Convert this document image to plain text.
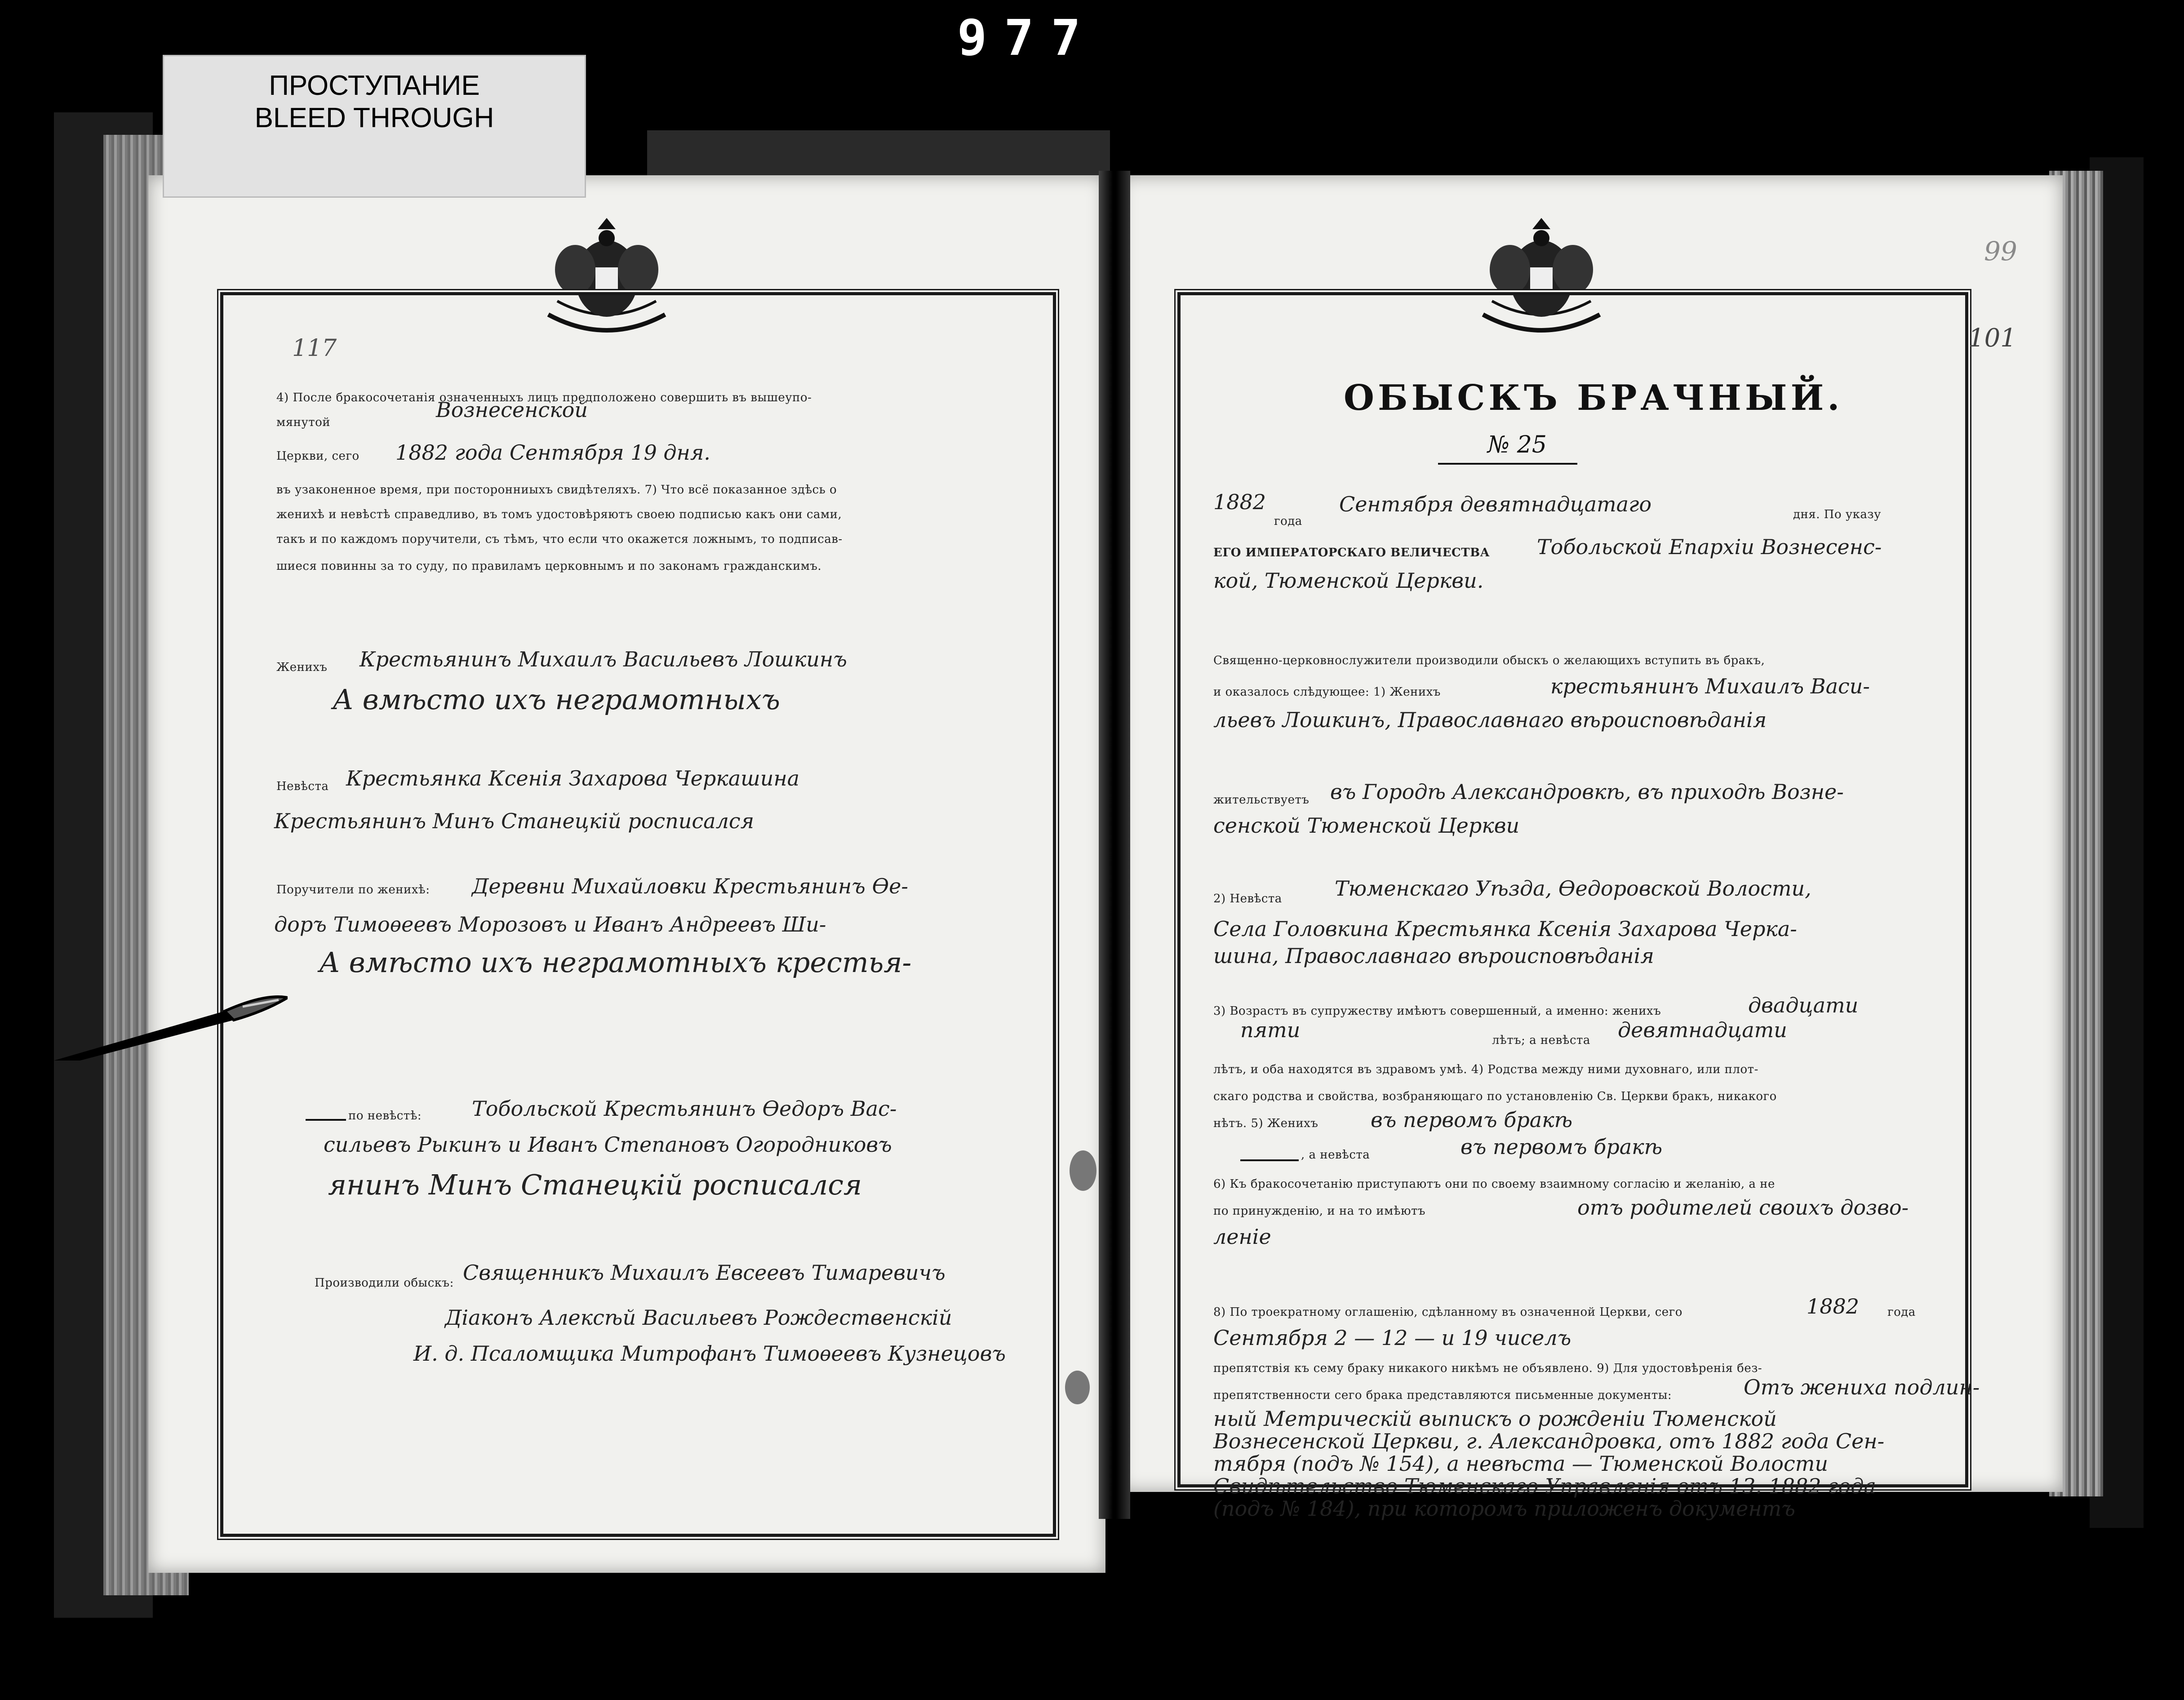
977
ПРОСТУПАНИЕ
BLEED THROUGH
117
4) После бракосочетанія означенныхъ лицъ предположено совершить въ вышеупо-
мянутой
Вознесенской
Церкви, сего 1882 года Сентября 19 дня.
въ узаконенное время, при посторонниыхъ свидѣтеляхъ. 7) Что всё показанное здѣсь о
женихѣ и невѣстѣ справедливо, въ томъ удостовѣряютъ своею подписью какъ они сами,
такъ и по каждомъ поручители, съ тѣмъ, что если что окажется ложнымъ, то подписав-
шиеся повинны за то суду, по правиламъ церковнымъ и по законамъ гражданскимъ.
Женихъ Крестьянинъ Михаилъ Васильевъ Лошкинъ
А вмѣсто ихъ неграмотныхъ
Невѣста Крестьянка Ксенія Захарова Черкашина
Крестьянинъ Минъ Станецкій росписался
Поручители по женихѣ: Деревни Михайловки Крестьянинъ Ѳе-
доръ Тимоѳеевъ Морозовъ и Иванъ Андреевъ Ши-
А вмѣсто ихъ неграмотныхъ крестья-
по невѣстѣ: Тобольской Крестьянинъ Ѳедоръ Вас-
сильевъ Рыкинъ и Иванъ Степановъ Огородниковъ
янинъ Минъ Станецкій росписался
Производили обыскъ: Священникъ Михаилъ Евсеевъ Тимаревичъ
Діаконъ Алексѣй Васильевъ Рождественскій
И. д. Псаломщика Митрофанъ Тимоѳеевъ Кузнецовъ
99
101
ОБЫСКЪ БРАЧНЫЙ.
№ 25
1882
года
Сентября девятнадцатаго	дня. По указу
ЕГО ИМПЕРАТОРСКАГО ВЕЛИЧЕСТВА Тобольской Епархіи Вознесенс-
кой, Тюменской Церкви.
Священно-церковнослужители производили обыскъ о желающихъ вступить въ бракъ,
и оказалось слѣдующее: 1) Женихъ	крестьянинъ Михаилъ Васи-
льевъ Лошкинъ, Православнаго вѣроисповѣданія
жительствуетъ въ Городѣ Александровкѣ, въ приходѣ Возне-
сенской Тюменской Церкви
2) Невѣста	Тюменскаго Уѣзда, Ѳедоровской Волости,
Села Головкина Крестьянка Ксенія Захарова Черка-
шина, Православнаго вѣроисповѣданія
3) Возрастъ въ супружеству имѣютъ совершенный, а именно: женихъ	двадцати
пяти	лѣтъ; а невѣста девятнадцати
лѣтъ, и оба находятся въ здравомъ умѣ. 4) Родства между ними духовнаго, или плот-
скаго родства и свойства, возбраняющаго по установленію Св. Церкви бракъ, никакого
нѣтъ. 5) Женихъ	въ первомъ бракѣ
, а невѣста	въ первомъ бракѣ
6) Къ бракосочетанію приступаютъ они по своему взаимному согласію и желанію, а не
по принужденію, и на то имѣютъ	отъ родителей своихъ дозво-
леніе
8) По троекратному оглашенію, сдѣланному въ означенной Церкви, сего	1882 года
Сентября 2 — 12 — и 19 чиселъ
препятствія къ сему браку никакого никѣмъ не объявлено. 9) Для удостовѣренія без-
препятственности сего брака представляются письменные документы:	Отъ жениха подлин-
ный Метрическій выпискъ о рожденіи Тюменской
Вознесенской Церкви, г. Александровка, отъ 1882 года Сен-
тября (подъ № 154), а невѣста — Тюменской Волости
Свидѣтельство Тюменскаго Управленія отъ 13. 1882 года
(подъ № 184), при которомъ приложенъ документъ
